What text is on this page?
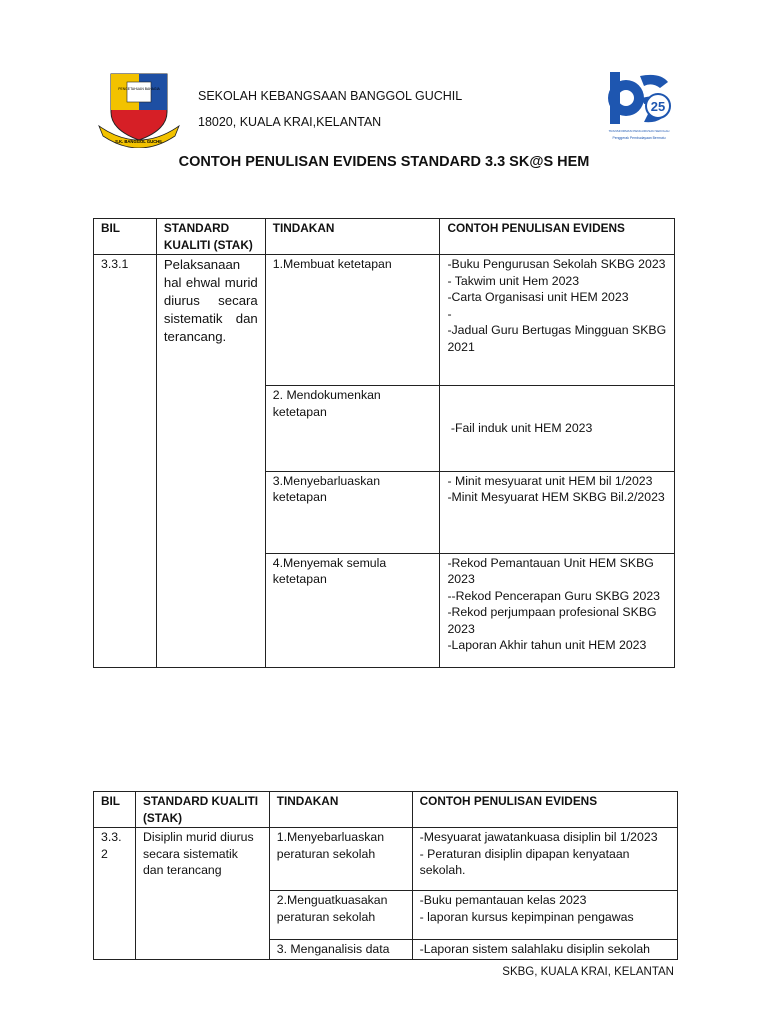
PENGETAHUAN BAHAGIA
S.K. BANGGOL GUCHIL
SEKOLAH KEBANGSAAN BANGGOL GUCHIL
18020, KUALA KRAI,KELANTAN
25
TRANSFORMASI PENGURUSAN SEKOLAH
Penggerak Pembudayaan Bermutu
CONTOH PENULISAN EVIDENS STANDARD 3.3 SK@S HEM
BIL	STANDARD KUALITI (STAK)	TINDAKAN	CONTOH PENULISAN EVIDENS
3.3.1	Pelaksanaan hal ehwal murid diurus secara sistematik dan terancang.	1.Membuat ketetapan	-Buku Pengurusan Sekolah SKBG 2023
- Takwim unit Hem 2023
-Carta Organisasi unit HEM 2023
-
-Jadual Guru Bertugas Mingguan SKBG 2021

		2. Mendokumenkan ketetapan	-Fail induk unit HEM 2023

		3.Menyebarluaskan ketetapan	- Minit mesyuarat unit HEM bil 1/2023
-Minit Mesyuarat HEM SKBG Bil.2/2023

		4.Menyemak semula ketetapan	-Rekod Pemantauan Unit HEM SKBG 2023
--Rekod Pencerapan Guru SKBG 2023
-Rekod perjumpaan profesional SKBG 2023
-Laporan Akhir tahun unit HEM 2023
BIL	STANDARD KUALITI (STAK)	TINDAKAN	CONTOH PENULISAN EVIDENS
3.3.2	Disiplin murid diurus secara sistematik dan terancang	1.Menyebarluaskan peraturan sekolah	-Mesyuarat jawatankuasa disiplin bil 1/2023
- Peraturan disiplin dipapan kenyataan sekolah.

		2.Menguatkuasakan peraturan sekolah	-Buku pemantauan kelas 2023
- laporan kursus kepimpinan pengawas

		3. Menganalisis data	-Laporan sistem salahlaku disiplin sekolah
SKBG, KUALA KRAI, KELANTAN
